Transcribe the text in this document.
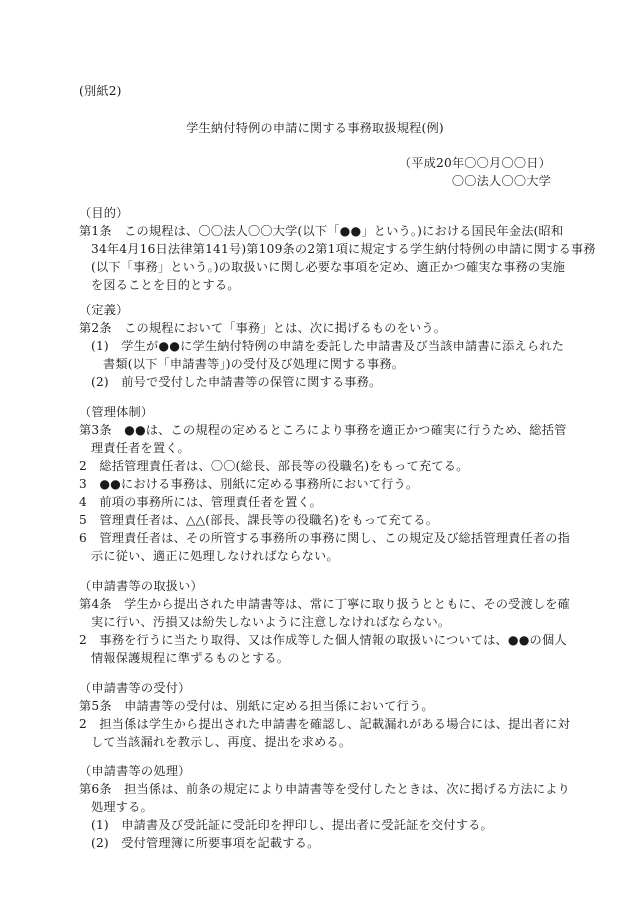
(別紙2)
学生納付特例の申請に関する事務取扱規程(例)
（平成20年〇〇月〇〇日）
〇〇法人〇〇大学
（目的）
第1条　この規程は、〇〇法人〇〇大学(以下「●●」という。)における国民年金法(昭和
34年4月16日法律第141号)第109条の2第1項に規定する学生納付特例の申請に関する事務
(以下「事務」という。)の取扱いに関し必要な事項を定め、適正かつ確実な事務の実施
を図ることを目的とする。
（定義）
第2条　この規程において「事務」とは、次に掲げるものをいう。
(1)　学生が●●に学生納付特例の申請を委託した申請書及び当該申請書に添えられた
書類(以下「申請書等」)の受付及び処理に関する事務。
(2)　前号で受付した申請書等の保管に関する事務。
（管理体制）
第3条　●●は、この規程の定めるところにより事務を適正かつ確実に行うため、総括管
理責任者を置く。
2　総括管理責任者は、〇〇(総長、部長等の役職名)をもって充てる。
3　●●における事務は、別紙に定める事務所において行う。
4　前項の事務所には、管理責任者を置く。
5　管理責任者は、△△(部長、課長等の役職名)をもって充てる。
6　管理責任者は、その所管する事務所の事務に関し、この規定及び総括管理責任者の指
示に従い、適正に処理しなければならない。
（申請書等の取扱い）
第4条　学生から提出された申請書等は、常に丁寧に取り扱うとともに、その受渡しを確
実に行い、汚損又は紛失しないように注意しなければならない。
2　事務を行うに当たり取得、又は作成等した個人情報の取扱いについては、●●の個人
情報保護規程に準ずるものとする。
（申請書等の受付）
第5条　申請書等の受付は、別紙に定める担当係において行う。
2　担当係は学生から提出された申請書を確認し、記載漏れがある場合には、提出者に対
して当該漏れを教示し、再度、提出を求める。
（申請書等の処理）
第6条　担当係は、前条の規定により申請書等を受付したときは、次に掲げる方法により
処理する。
(1)　申請書及び受託証に受託印を押印し、提出者に受託証を交付する。
(2)　受付管理簿に所要事項を記載する。
